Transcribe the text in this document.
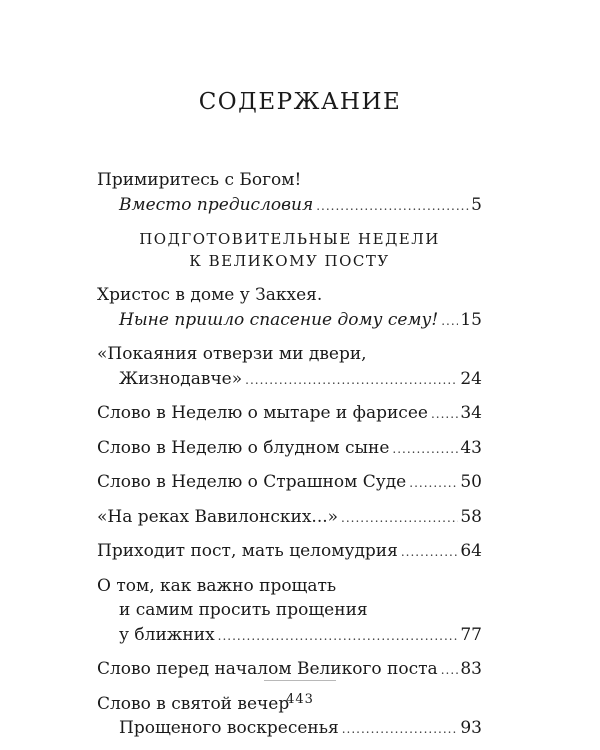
СОДЕРЖАНИЕ
Примиритесь с Богом!
Вместо предисловия .....	5
ПОДГОТОВИТЕЛЬНЫЕ НЕДЕЛИ
К ВЕЛИКОМУ ПОСТУ
Христос в доме у Закхея.
Ныне пришло спасение дому сему! ..... 15
«Покаяния отверзи ми двери,
Жизнодавче» .....	24
Слово в Неделю о мытаре и фарисее ..... 34
Слово в Неделю о блудном сыне .....	43
Слово в Неделю о Страшном Суде .....	50
«На реках Вавилонских...» .....	58
Приходит пост, мать целомудрия .....	64
О том, как важно прощать
и самим просить прощения
у ближних .....	77
Слово перед началом Великого поста ..... 83
Слово в святой вечер
Прощеного воскресенья .....	93
443
